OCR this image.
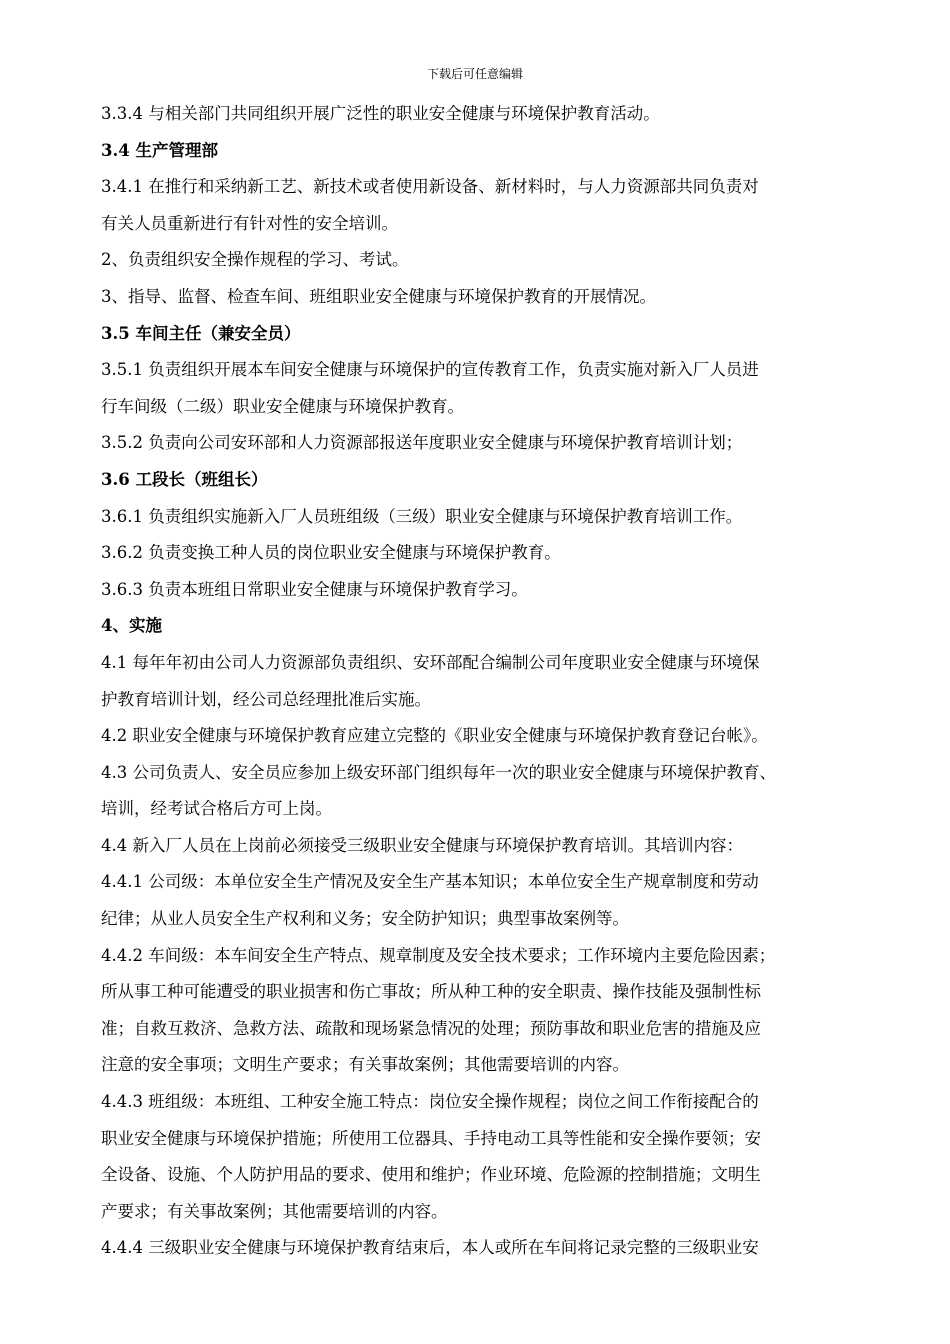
下载后可任意编辑
3.3.4 与相关部门共同组织开展广泛性的职业安全健康与环境保护教育活动。
3.4 生产管理部
3.4.1 在推行和采纳新工艺、新技术或者使用新设备、新材料时，与人力资源部共同负责对
有关人员重新进行有针对性的安全培训。
2、负责组织安全操作规程的学习、考试。
3、指导、监督、检查车间、班组职业安全健康与环境保护教育的开展情况。
3.5 车间主任（兼安全员）
3.5.1 负责组织开展本车间安全健康与环境保护的宣传教育工作，负责实施对新入厂人员进
行车间级（二级）职业安全健康与环境保护教育。
3.5.2 负责向公司安环部和人力资源部报送年度职业安全健康与环境保护教育培训计划；
3.6 工段长（班组长）
3.6.1 负责组织实施新入厂人员班组级（三级）职业安全健康与环境保护教育培训工作。
3.6.2 负责变换工种人员的岗位职业安全健康与环境保护教育。
3.6.3 负责本班组日常职业安全健康与环境保护教育学习。
4、实施
4.1 每年年初由公司人力资源部负责组织、安环部配合编制公司年度职业安全健康与环境保
护教育培训计划，经公司总经理批准后实施。
4.2 职业安全健康与环境保护教育应建立完整的《职业安全健康与环境保护教育登记台帐》。
4.3 公司负责人、安全员应参加上级安环部门组织每年一次的职业安全健康与环境保护教育、
培训，经考试合格后方可上岗。
4.4 新入厂人员在上岗前必须接受三级职业安全健康与环境保护教育培训。其培训内容：
4.4.1 公司级：本单位安全生产情况及安全生产基本知识；本单位安全生产规章制度和劳动
纪律；从业人员安全生产权利和义务；安全防护知识；典型事故案例等。
4.4.2 车间级：本车间安全生产特点、规章制度及安全技术要求；工作环境内主要危险因素；
所从事工种可能遭受的职业损害和伤亡事故；所从种工种的安全职责、操作技能及强制性标
准；自救互救济、急救方法、疏散和现场紧急情况的处理；预防事故和职业危害的措施及应
注意的安全事项；文明生产要求；有关事故案例；其他需要培训的内容。
4.4.3 班组级：本班组、工种安全施工特点：岗位安全操作规程；岗位之间工作衔接配合的
职业安全健康与环境保护措施；所使用工位器具、手持电动工具等性能和安全操作要领；安
全设备、设施、个人防护用品的要求、使用和维护；作业环境、危险源的控制措施；文明生
产要求；有关事故案例；其他需要培训的内容。
4.4.4 三级职业安全健康与环境保护教育结束后，本人或所在车间将记录完整的三级职业安
